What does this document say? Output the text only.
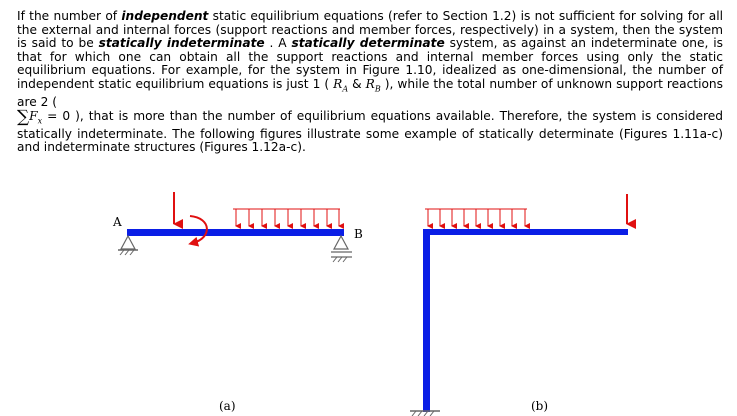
If the number of independent static equilibrium equations (refer to Section 1.2) is not sufficient for solving for all the external and internal forces (support reactions and member forces, respectively) in a system, then the system is said to be statically indeterminate . A statically determinate system, as against an indeterminate one, is that for which one can obtain all the support reactions and internal member forces using only the static equilibrium equations. For example, for the system in Figure 1.10, idealized as one-dimensional, the number of independent static equilibrium equations is just 1 ( $R_A$ & $R_B$ ), while the total number of unknown support reactions are 2 (
$\sum F_x = 0$ ), that is more than the number of equilibrium equations available. Therefore, the system is considered statically indeterminate. The following figures illustrate some example of statically determinate (Figures 1.11a-c) and indeterminate structures (Figures 1.12a-c).
A
B
(a)	(b)
